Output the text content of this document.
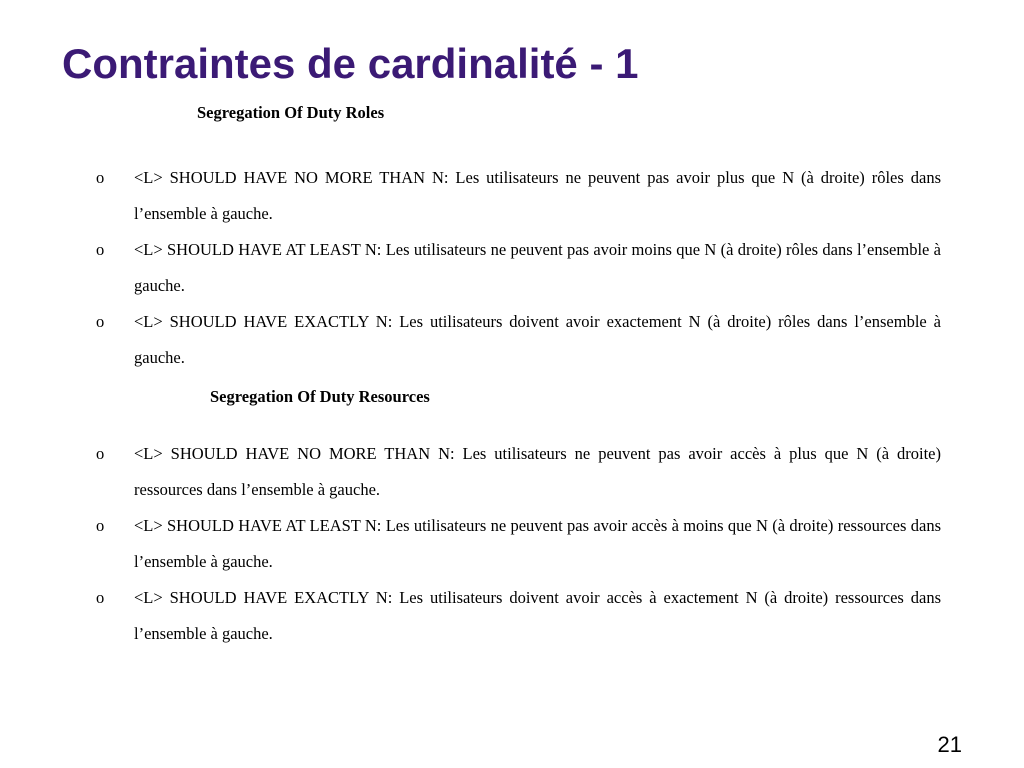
Contraintes de cardinalité - 1
Segregation Of Duty Roles
o <L> SHOULD HAVE NO MORE THAN N: Les utilisateurs ne peuvent pas avoir plus que N (à droite) rôles dans l’ensemble à gauche.
o <L> SHOULD HAVE AT LEAST N: Les utilisateurs ne peuvent pas avoir moins que N (à droite) rôles dans l’ensemble à gauche.
o <L> SHOULD HAVE EXACTLY N: Les utilisateurs doivent avoir exactement N (à droite) rôles dans l’ensemble à gauche.
Segregation Of Duty Resources
o <L> SHOULD HAVE NO MORE THAN N: Les utilisateurs ne peuvent pas avoir accès à plus que N (à droite) ressources dans l’ensemble à gauche.
o <L> SHOULD HAVE AT LEAST N: Les utilisateurs ne peuvent pas avoir accès à moins que N (à droite) ressources dans l’ensemble à gauche.
o <L> SHOULD HAVE EXACTLY N: Les utilisateurs doivent avoir accès à exactement N (à droite) ressources dans l’ensemble à gauche.

21
